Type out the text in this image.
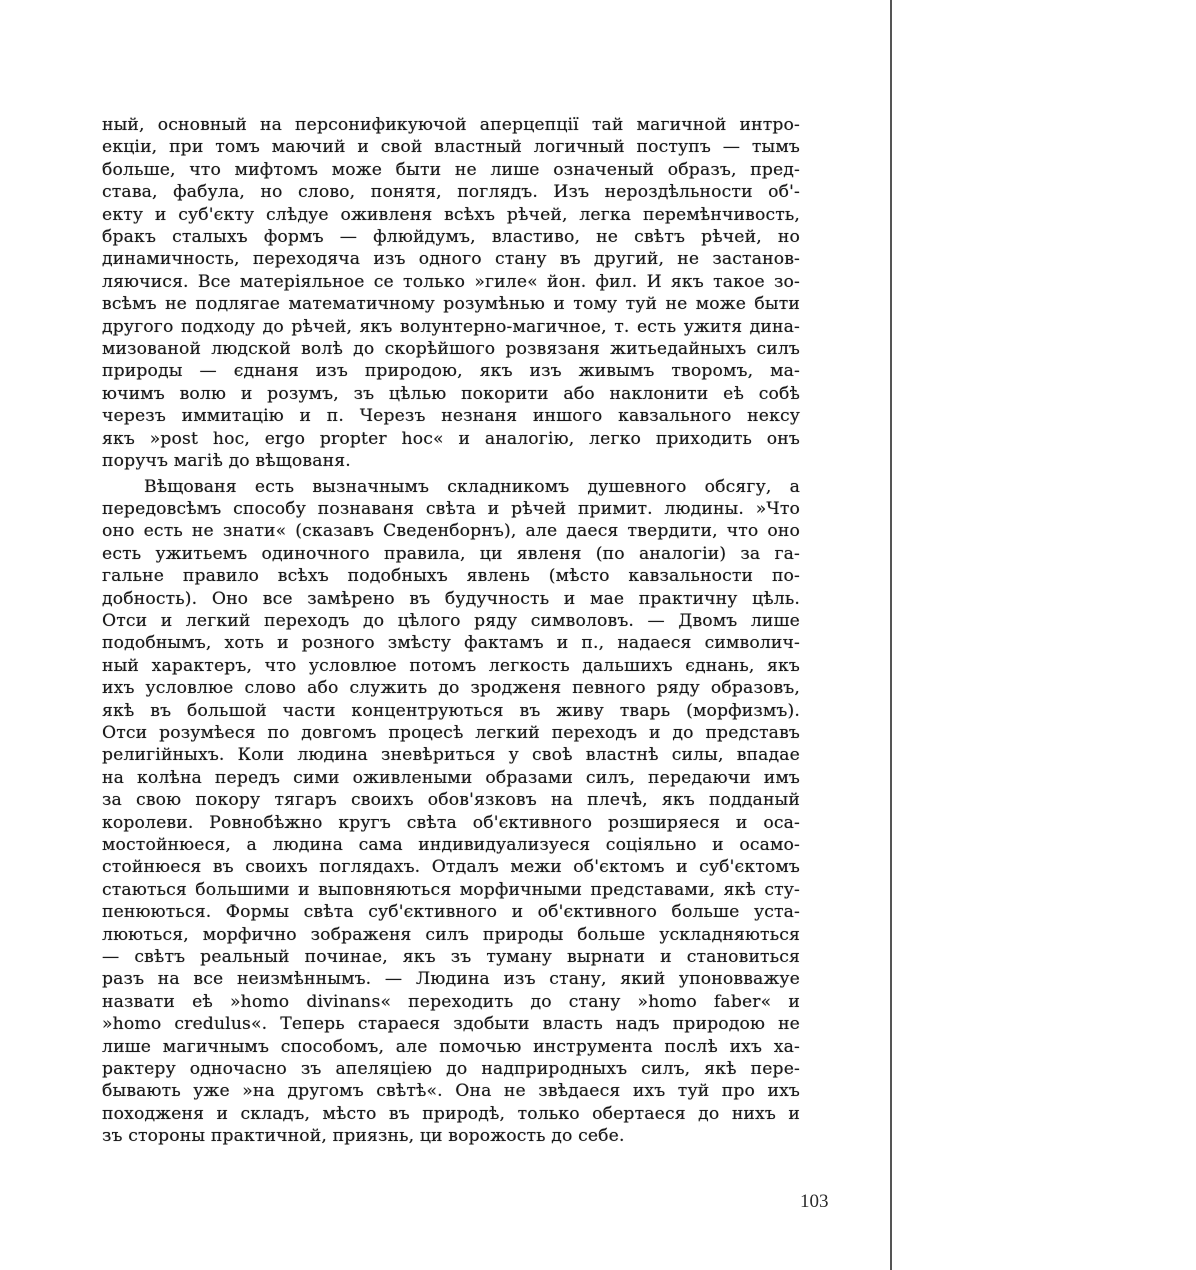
ный, основный на персонификуючой аперцепції тай магичной интро-
екціи, при томъ маючий и свой властный логичный поступъ — тымъ
больше, что мифтомъ може быти не лише означеный образъ, пред-
става, фабула, но слово, понятя, поглядъ. Изъ нероздѣльности об'-
екту и суб'єкту слѣдуе оживленя всѣхъ рѣчей, легка перемѣнчивость,
бракъ сталыхъ формъ — флюйдумъ, властиво, не свѣтъ рѣчей, но
динамичность, переходяча изъ одного стану въ другий, не застанов-
ляючися. Все матеріяльное се только »гиле« йон. фил. И якъ такое зо-
всѣмъ не подлягае математичному розумѣнью и тому туй не може быти
другого подходу до рѣчей, якъ волунтерно-магичное, т. есть ужитя дина-
мизованой людской волѣ до скорѣйшого розвязаня житьедайныхъ силъ
природы — єднаня изъ природою, якъ изъ живымъ творомъ, ма-
ючимъ волю и розумъ, зъ цѣлью покорити або наклонити еѣ собѣ
черезъ иммитацію и п. Черезъ незнаня иншого кавзального нексу
якъ »post hoc, ergo propter hoc« и аналогію, легко приходить онъ
поручъ магіѣ до вѣщованя.
Вѣщованя есть вызначнымъ складникомъ душевного обсягу, а
передовсѣмъ способу познаваня свѣта и рѣчей примит. людины. »Что
оно есть не знати« (сказавъ Сведенборнъ), але даеся твердити, что оно
есть ужитьемъ одиночного правила, ци явленя (по аналогіи) за га-
гальне правило всѣхъ подобныхъ явлень (мѣсто кавзальности по-
добность). Оно все замѣрено въ будучность и мае практичну цѣль.
Отси и легкий переходъ до цѣлого ряду символовъ. — Двомъ лише
подобнымъ, хоть и розного змѣсту фактамъ и п., надаеся символич-
ный характеръ, что условлюе потомъ легкость дальшихъ єднань, якъ
ихъ условлюе слово або служить до зродженя певного ряду образовъ,
якѣ въ большой части концентруються въ живу тварь (морфизмъ).
Отси розумѣеся по довгомъ процесѣ легкий переходъ и до представъ
религійныхъ. Коли людина зневѣриться у своѣ властнѣ силы, впадае
на колѣна передъ сими оживлеными образами силъ, передаючи имъ
за свою покору тягаръ своихъ обов'язковъ на плечѣ, якъ подданый
королеви. Ровнобѣжно кругъ свѣта об'єктивного розширяеся и оса-
мостойнюеся, а людина сама индивидуализуеся соціяльно и осамо-
стойнюеся въ своихъ поглядахъ. Отдалъ межи об'єктомъ и суб'єктомъ
стаються большими и выповняються морфичными представами, якѣ сту-
пенюються. Формы свѣта суб'єктивного и об'єктивного больше уста-
люються, морфично зображеня силъ природы больше ускладняються
— свѣтъ реальный починае, якъ зъ туману вырнати и становиться
разъ на все неизмѣннымъ. — Людина изъ стану, який упоновважуе
назвати еѣ »homo divinans« переходить до стану »homo faber« и
»homo credulus«. Теперь стараеся здобыти власть надъ природою не
лише магичнымъ способомъ, але помочью инструмента послѣ ихъ ха-
рактеру одночасно зъ апеляціею до надприродныхъ силъ, якѣ пере-
бывають уже »на другомъ свѣтѣ«. Она не звѣдаеся ихъ туй про ихъ
походженя и складъ, мѣсто въ природѣ, только обертаеся до нихъ и
зъ стороны практичной, приязнь, ци ворожость до себе.
103
